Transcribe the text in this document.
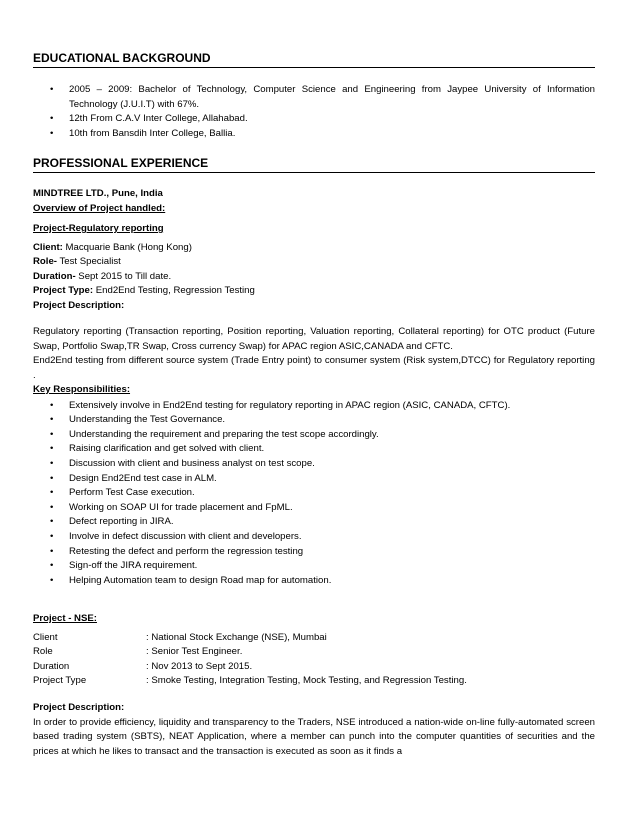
EDUCATIONAL BACKGROUND
• 2005 – 2009: Bachelor of Technology, Computer Science and Engineering from Jaypee University of Information Technology (J.U.I.T) with 67%.
• 12th From C.A.V Inter College, Allahabad.
• 10th from Bansdih Inter College, Ballia.
PROFESSIONAL EXPERIENCE
MINDTREE LTD., Pune, India
Overview of Project handled:
Project-Regulatory reporting
Client: Macquarie Bank (Hong Kong)
Role- Test Specialist
Duration- Sept 2015 to Till date.
Project Type: End2End Testing, Regression Testing
Project Description:
Regulatory reporting (Transaction reporting, Position reporting, Valuation reporting, Collateral reporting) for OTC product (Future Swap, Portfolio Swap,TR Swap, Cross currency Swap) for APAC region ASIC,CANADA and CFTC.
End2End testing from different source system (Trade Entry point) to consumer system (Risk system,DTCC) for Regulatory reporting .
Key Responsibilities:
• Extensively involve in End2End testing for regulatory reporting in APAC region (ASIC, CANADA, CFTC).
• Understanding the Test Governance.
• Understanding the requirement and preparing the test scope accordingly.
• Raising clarification and get solved with client.
• Discussion with client and business analyst on test scope.
• Design End2End test case in ALM.
• Perform Test Case execution.
• Working on SOAP UI for trade placement and FpML.
• Defect reporting in JIRA.
• Involve in defect discussion with client and developers.
• Retesting the defect and perform the regression testing
• Sign-off the JIRA requirement.
• Helping Automation team to design Road map for automation.
Project - NSE:
Client	: National Stock Exchange (NSE), Mumbai
Role	: Senior Test Engineer.
Duration	: Nov 2013 to Sept 2015.
Project Type	: Smoke Testing, Integration Testing, Mock Testing, and Regression Testing.
Project Description:
In order to provide efficiency, liquidity and transparency to the Traders, NSE introduced a nation-wide on-line fully-automated screen based trading system (SBTS), NEAT Application, where a member can punch into the computer quantities of securities and the prices at which he likes to transact and the transaction is executed as soon as it finds a
